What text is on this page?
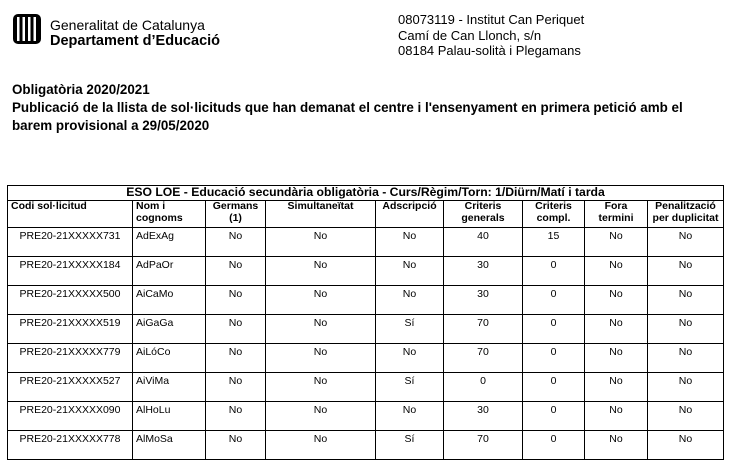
Generalitat de Catalunya
Departament d’Educació
08073119 - Institut Can Periquet
Camí de Can Llonch, s/n
08184 Palau-solità i Plegamans
Obligatòria 2020/2021
Publicació de la llista de sol·licituds que han demanat el centre i l'ensenyament en primera petició amb el barem provisional a 29/05/2020
ESO LOE - Educació secundària obligatòria - Curs/Règim/Torn: 1/Diürn/Matí i tarda								
Codi sol·licitud	Nom i cognoms	Germans (1)	Simultaneïtat	Adscripció	Criteris generals	Criteris compl.	Fora termini	Penalització per duplicitat
PRE20-21XXXXX731	AdExAg	No	No	No	40	15	No	No
PRE20-21XXXXX184	AdPaOr	No	No	No	30	0	No	No
PRE20-21XXXXX500	AiCaMo	No	No	No	30	0	No	No
PRE20-21XXXXX519	AiGaGa	No	No	Sí	70	0	No	No
PRE20-21XXXXX779	AiLóCo	No	No	No	70	0	No	No
PRE20-21XXXXX527	AiViMa	No	No	Sí	0	0	No	No
PRE20-21XXXXX090	AlHoLu	No	No	No	30	0	No	No
PRE20-21XXXXX778	AlMoSa	No	No	Sí	70	0	No	No
